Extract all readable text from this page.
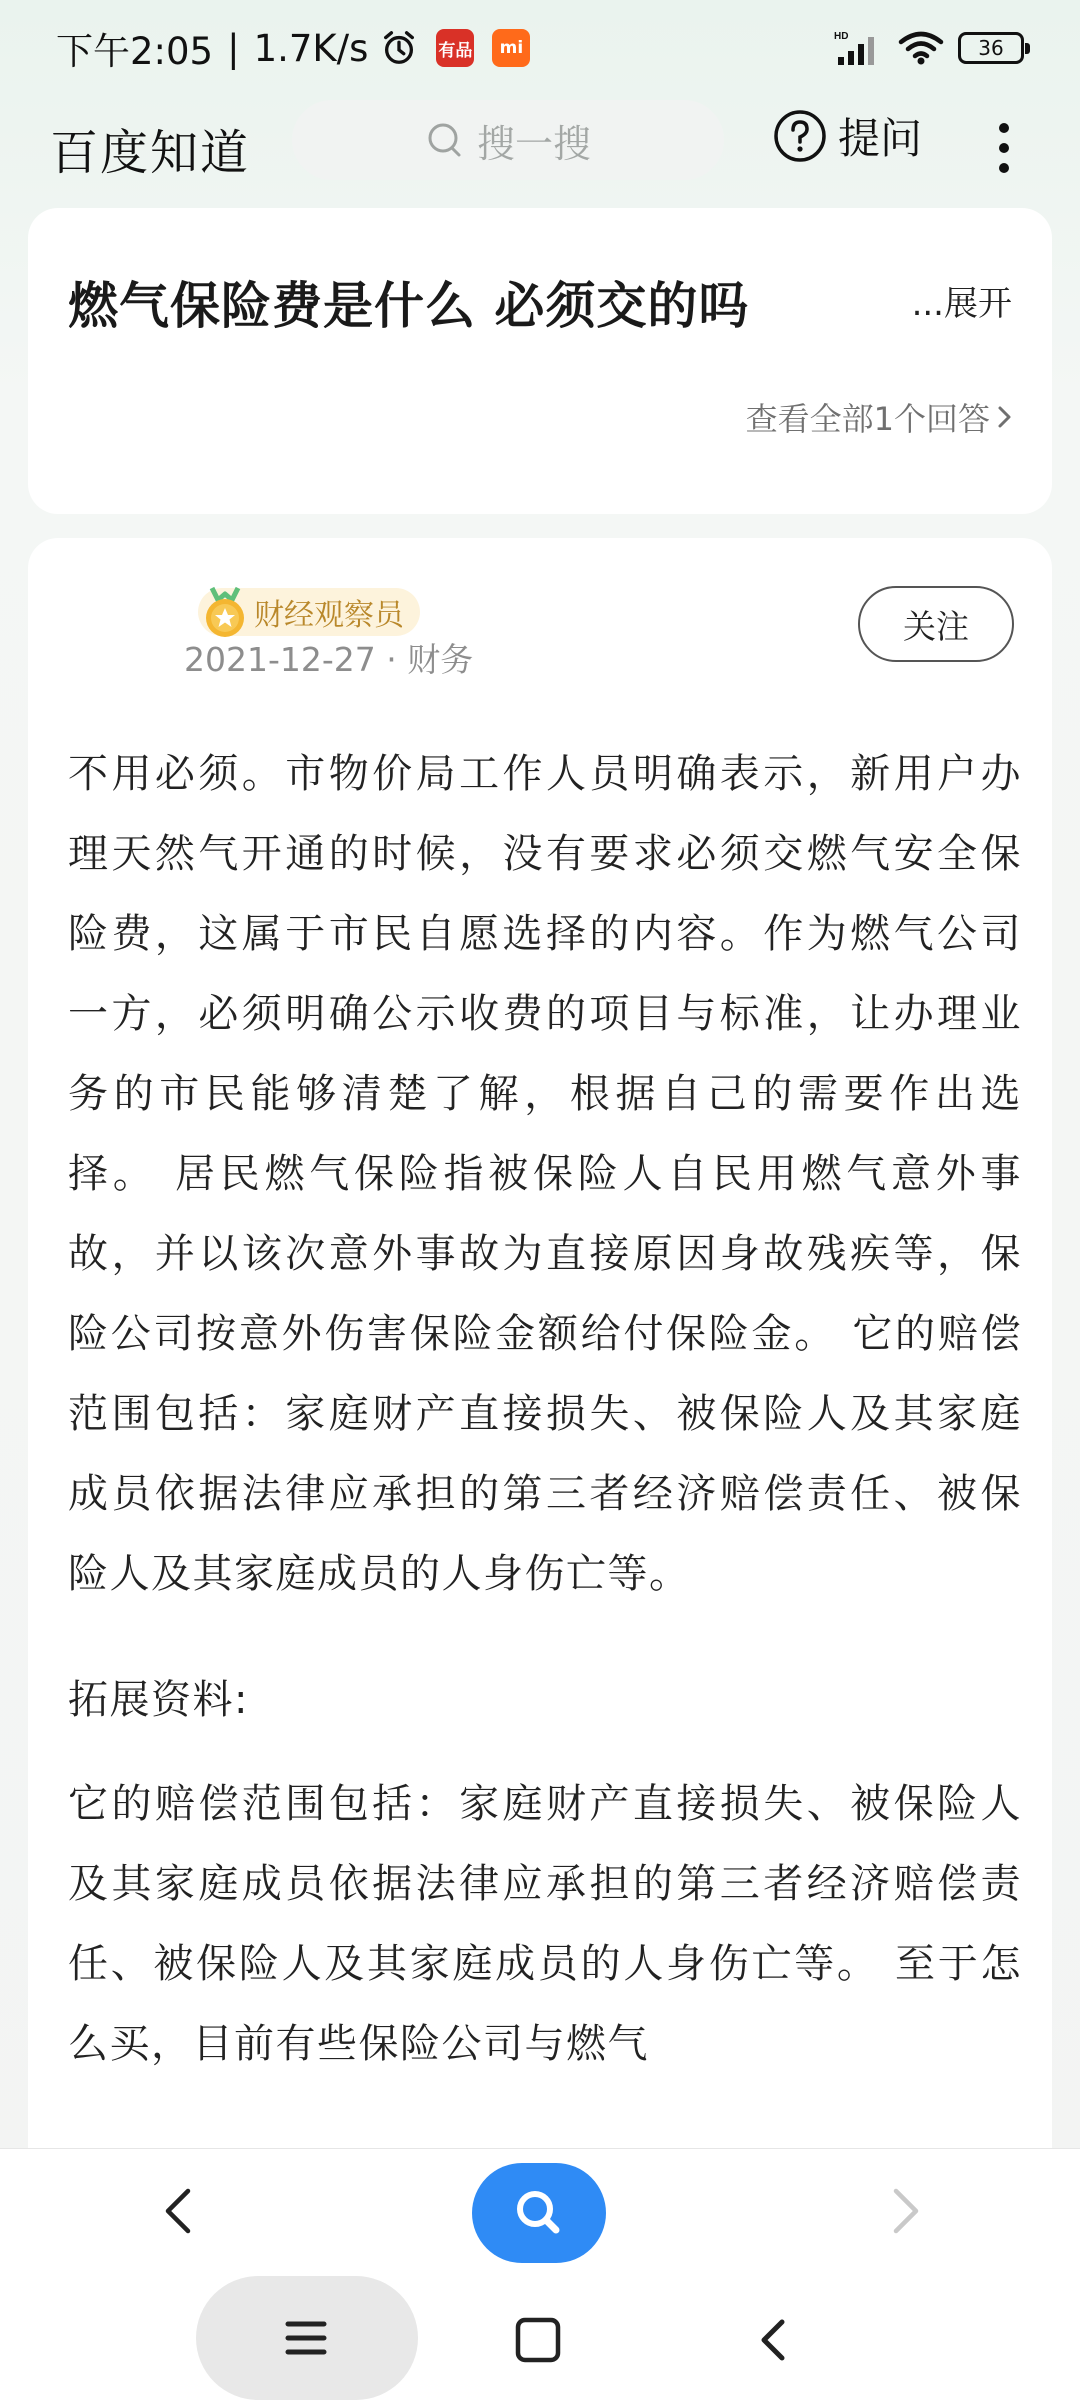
下午2:05 | 1.7K/s	有品	mi
HD	36
百度知道	搜一搜	提问
燃气保险费是什么 必须交的吗	...展开
查看全部1个回答
财经观察员
2021-12-27 · 财务
关注
不用必须。市物价局工作人员明确表示，新用户办理天然气开通的时候，没有要求必须交燃气安全保险费，这属于市民自愿选择的内容。作为燃气公司一方，必须明确公示收费的项目与标准，让办理业务的市民能够清楚了解，根据自己的需要作出选择。 居民燃气保险指被保险人自民用燃气意外事故，并以该次意外事故为直接原因身故残疾等，保险公司按意外伤害保险金额给付保险金。 它的赔偿范围包括：家庭财产直接损失、被保险人及其家庭成员依据法律应承担的第三者经济赔偿责任、被保险人及其家庭成员的人身伤亡等。
拓展资料:
它的赔偿范围包括：家庭财产直接损失、被保险人及其家庭成员依据法律应承担的第三者经济赔偿责任、被保险人及其家庭成员的人身伤亡等。 至于怎么买，目前有些保险公司与燃气
